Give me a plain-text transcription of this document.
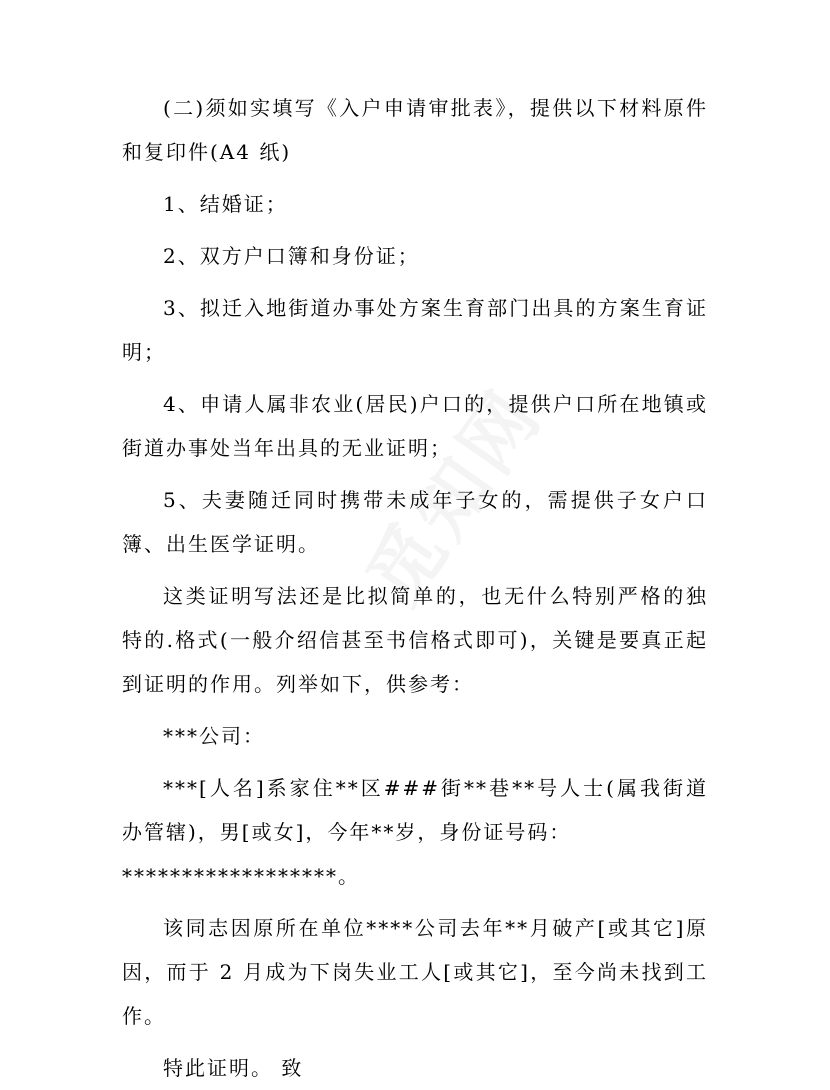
(二)须如实填写《入户申请审批表》，提供以下材料原件和复印件(A4 纸)

1、结婚证；

2、双方户口簿和身份证；

3、拟迁入地街道办事处方案生育部门出具的方案生育证明；

4、申请人属非农业(居民)户口的，提供户口所在地镇或街道办事处当年出具的无业证明；

5、夫妻随迁同时携带未成年子女的，需提供子女户口簿、出生医学证明。

这类证明写法还是比拟简单的，也无什么特别严格的独特的.格式(一般介绍信甚至书信格式即可)，关键是要真正起到证明的作用。列举如下，供参考：

***公司：

***[人名]系家住**区###街**巷**号人士(属我街道办管辖)，男[或女]，今年**岁，身份证号码：

******************。

该同志因原所在单位****公司去年**月破产[或其它]原因，而于 2 月成为下岗失业工人[或其它]，至今尚未找到工作。

特此证明。 致
